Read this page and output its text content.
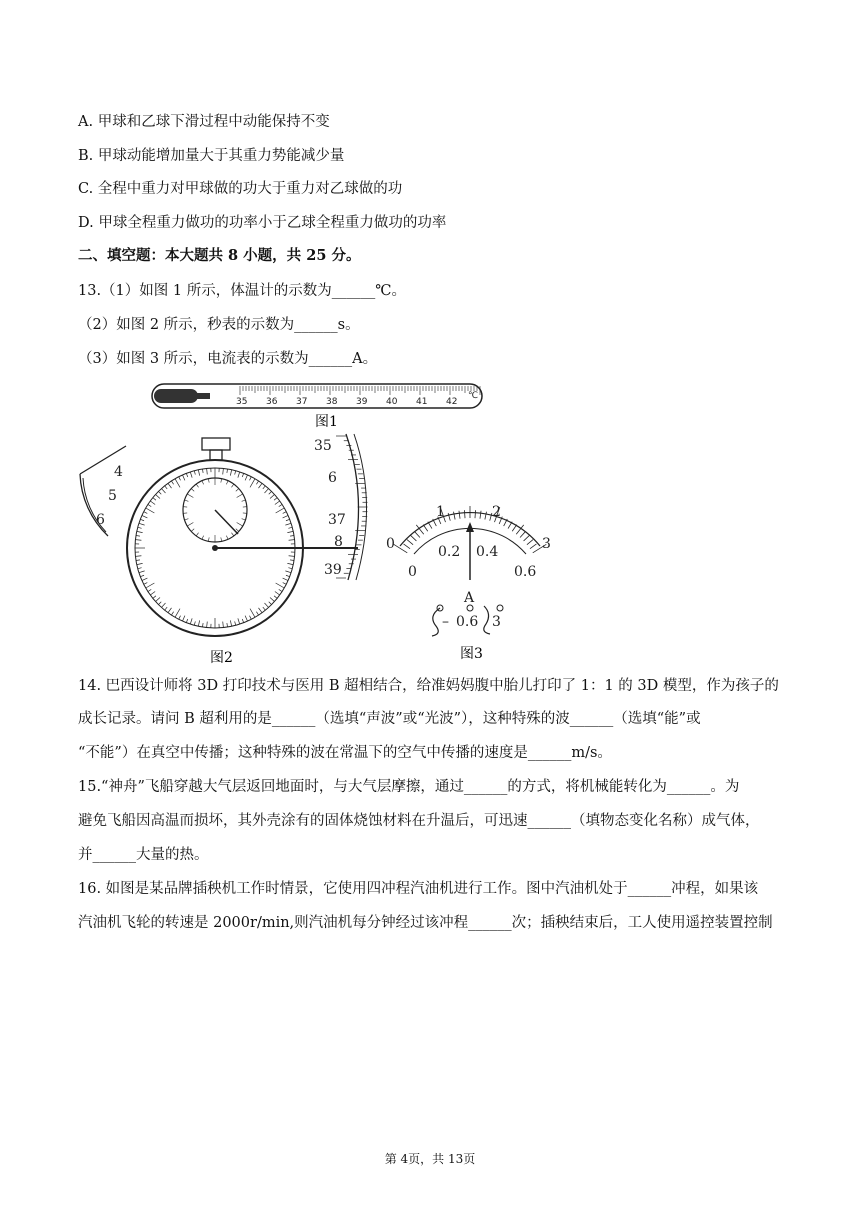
A. 甲球和乙球下滑过程中动能保持不变
B. 甲球动能增加量大于其重力势能减少量
C. 全程中重力对甲球做的功大于重力对乙球做的功
D. 甲球全程重力做功的功率小于乙球全程重力做功的功率
二、填空题：本大题共 8 小题，共 25 分。
13.（1）如图 1 所示，体温计的示数为______℃。
（2）如图 2 所示，秒表的示数为______s。
（3）如图 3 所示，电流表的示数为______A。
35 36 37 38 39 40 41 42
℃
图1
4
5
6
图2
35
6
37
8
39
0
1	2
3
0
0.2 0.4
0.6
A
– 0.6 3
图3
14. 巴西设计师将 3D 打印技术与医用 B 超相结合，给准妈妈腹中胎儿打印了 1：1 的 3D 模型，作为孩子的
成长记录。请问 B 超利用的是______（选填“声波”或“光波”），这种特殊的波______（选填“能”或
“不能”）在真空中传播；这种特殊的波在常温下的空气中传播的速度是______m/s。
15.“神舟”飞船穿越大气层返回地面时，与大气层摩擦，通过______的方式，将机械能转化为______。为
避免飞船因高温而损坏，其外壳涂有的固体烧蚀材料在升温后，可迅速______（填物态变化名称）成气体，
并______大量的热。
16. 如图是某品牌插秧机工作时情景，它使用四冲程汽油机进行工作。图中汽油机处于______冲程，如果该
汽油机飞轮的转速是 2000r/min,则汽油机每分钟经过该冲程______次；插秧结束后，工人使用遥控装置控制
第 4页，共 13页
